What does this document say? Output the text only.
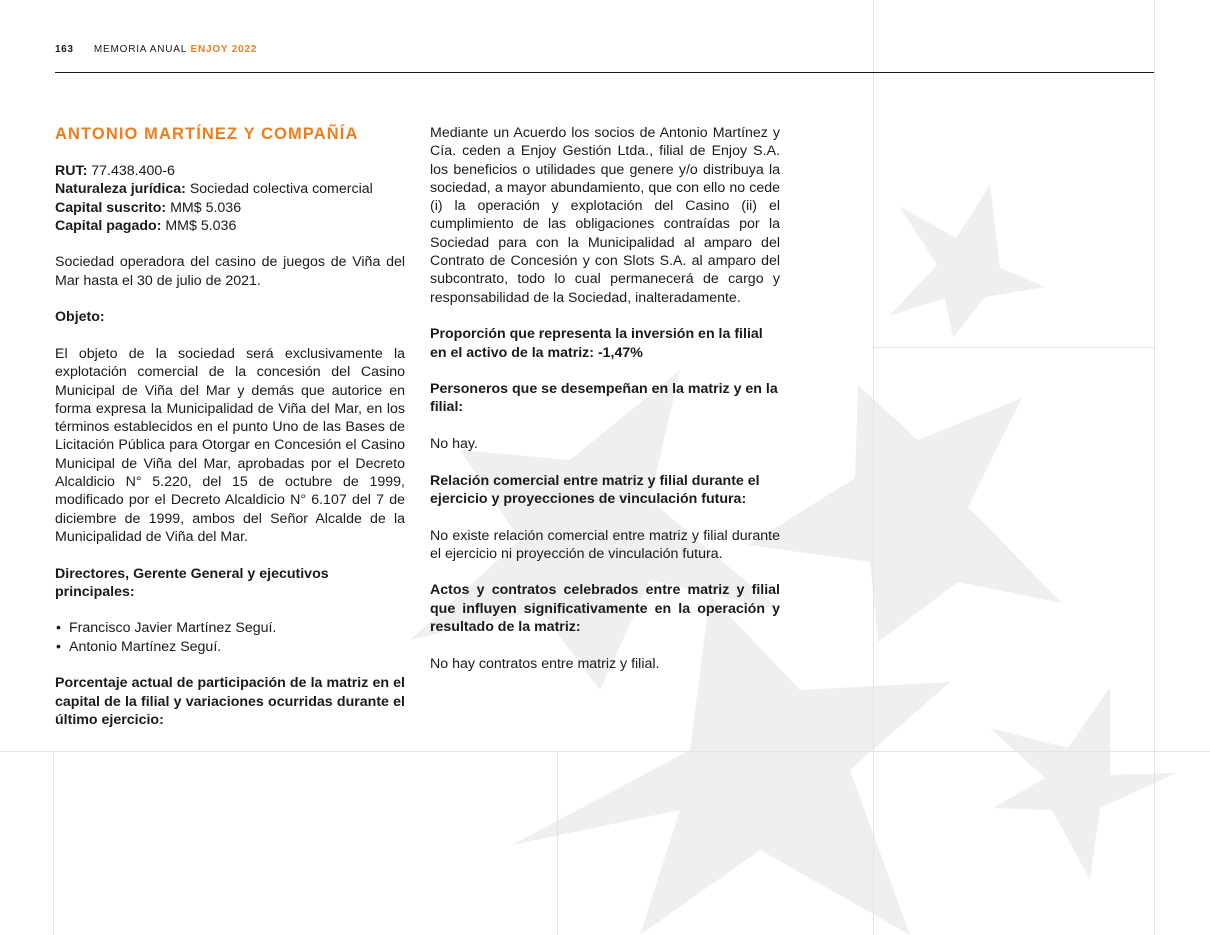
163 MEMORIA ANUAL ENJOY 2022
ANTONIO MARTÍNEZ Y COMPAÑÍA

RUT: 77.438.400-6
Naturaleza jurídica: Sociedad colectiva comercial
Capital suscrito: MM$ 5.036
Capital pagado: MM$ 5.036

Sociedad operadora del casino de juegos de Viña del Mar hasta el 30 de julio de 2021.

Objeto:

El objeto de la sociedad será exclusivamente la explotación comercial de la concesión del Casino Municipal de Viña del Mar y demás que autorice en forma expresa la Municipalidad de Viña del Mar, en los términos establecidos en el punto Uno de las Bases de Licitación Pública para Otorgar en Concesión el Casino Municipal de Viña del Mar, aprobadas por el Decreto Alcaldicio N° 5.220, del 15 de octubre de 1999, modificado por el Decreto Alcaldicio N° 6.107 del 7 de diciembre de 1999, ambos del Señor Alcalde de la Municipalidad de Viña del Mar.

Directores, Gerente General y ejecutivos principales:

• Francisco Javier Martínez Seguí.
• Antonio Martínez Seguí.

Porcentaje actual de participación de la matriz en el capital de la filial y variaciones ocurridas durante el último ejercicio:

Mediante un Acuerdo los socios de Antonio Martínez y Cía. ceden a Enjoy Gestión Ltda., filial de Enjoy S.A. los beneficios o utilidades que genere y/o distribuya la sociedad, a mayor abundamiento, que con ello no cede (i) la operación y explotación del Casino (ii) el cumplimiento de las obligaciones contraídas por la Sociedad para con la Municipalidad al amparo del Contrato de Concesión y con Slots S.A. al amparo del subcontrato, todo lo cual permanecerá de cargo y responsabilidad de la Sociedad, inalteradamente.

Proporción que representa la inversión en la filial en el activo de la matriz: -1,47%

Personeros que se desempeñan en la matriz y en la filial:

No hay.

Relación comercial entre matriz y filial durante el ejercicio y proyecciones de vinculación futura:

No existe relación comercial entre matriz y filial durante el ejercicio ni proyección de vinculación futura.

Actos y contratos celebrados entre matriz y filial que influyen significativamente en la operación y resultado de la matriz:

No hay contratos entre matriz y filial.
